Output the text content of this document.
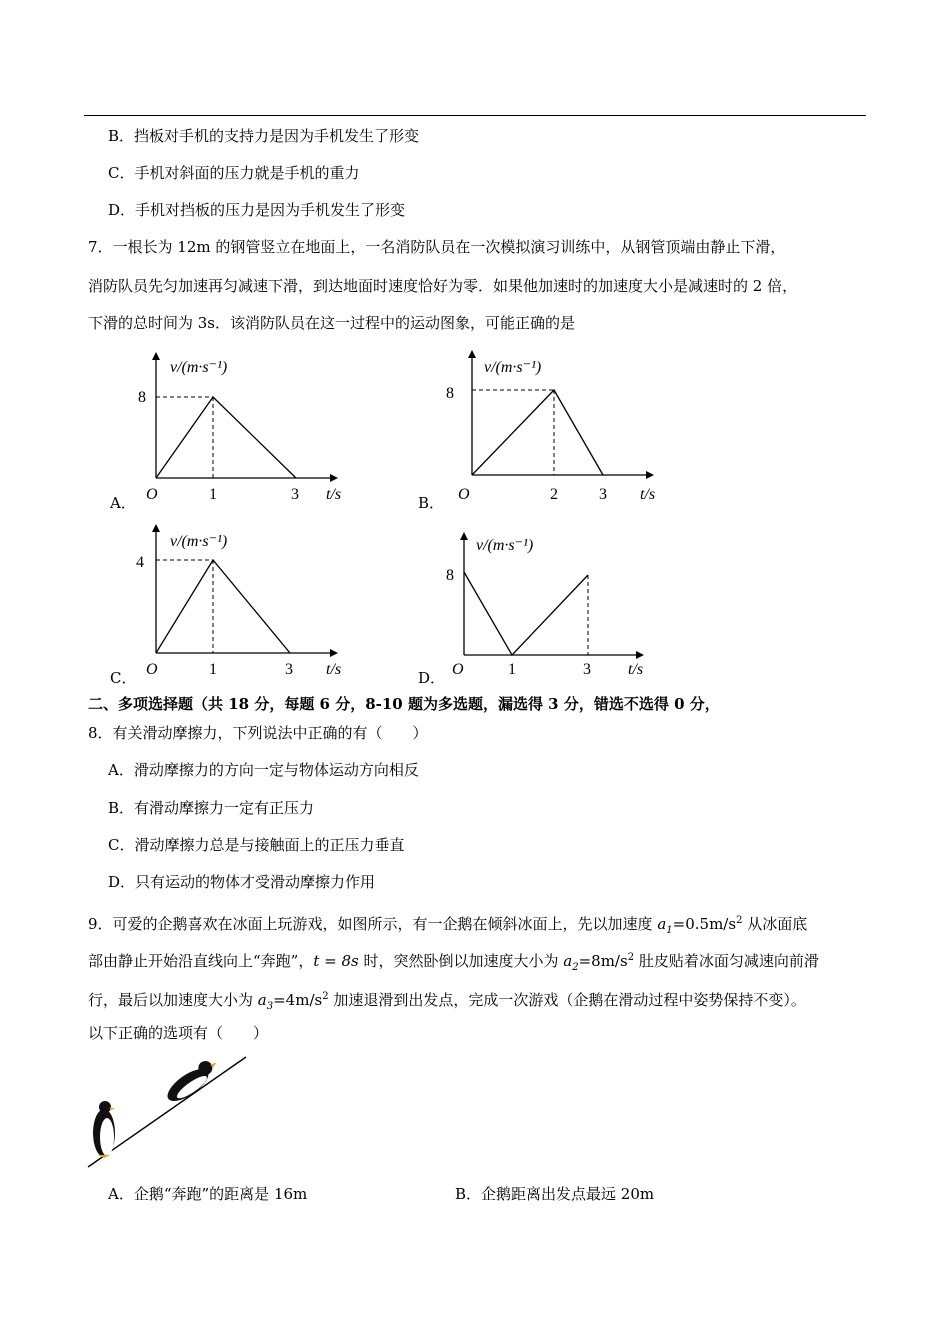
B．挡板对手机的支持力是因为手机发生了形变
C．手机对斜面的压力就是手机的重力
D．手机对挡板的压力是因为手机发生了形变
7．一根长为 12m 的钢管竖立在地面上，一名消防队员在一次模拟演习训练中，从钢管顶端由静止下滑，
消防队员先匀加速再匀减速下滑，到达地面时速度恰好为零．如果他加速时的加速度大小是减速时的 2 倍，
下滑的总时间为 3s．该消防队员在这一过程中的运动图象，可能正确的是
A．
8
v/(m·s⁻¹)
O	1	3 t/s	B．
8
v/(m·s⁻¹)
O	2	3 t/s
C．
4
v/(m·s⁻¹)
O	1	3 t/s	D．
8
v/(m·s⁻¹)
O	1	3 t/s
二、多项选择题（共 18 分，每题 6 分，8-10 题为多选题，漏选得 3 分，错选不选得 0 分，
8．有关滑动摩擦力，下列说法中正确的有（　　）
A．滑动摩擦力的方向一定与物体运动方向相反
B．有滑动摩擦力一定有正压力
C．滑动摩擦力总是与接触面上的正压力垂直
D．只有运动的物体才受滑动摩擦力作用
9．可爱的企鹅喜欢在冰面上玩游戏，如图所示，有一企鹅在倾斜冰面上，先以加速度 $a_1=0.5m/s^2$ 从冰面底
部由静止开始沿直线向上“奔跑”，t = 8s 时，突然卧倒以加速度大小为 $a_2=8m/s^2$ 肚皮贴着冰面匀减速向前滑
行，最后以加速度大小为 $a_3=4m/s^2$ 加速退滑到出发点，完成一次游戏（企鹅在滑动过程中姿势保持不变）。
以下正确的选项有（　　）
A．企鹅“奔跑”的距离是 16m	B．企鹅距离出发点最远 20m
